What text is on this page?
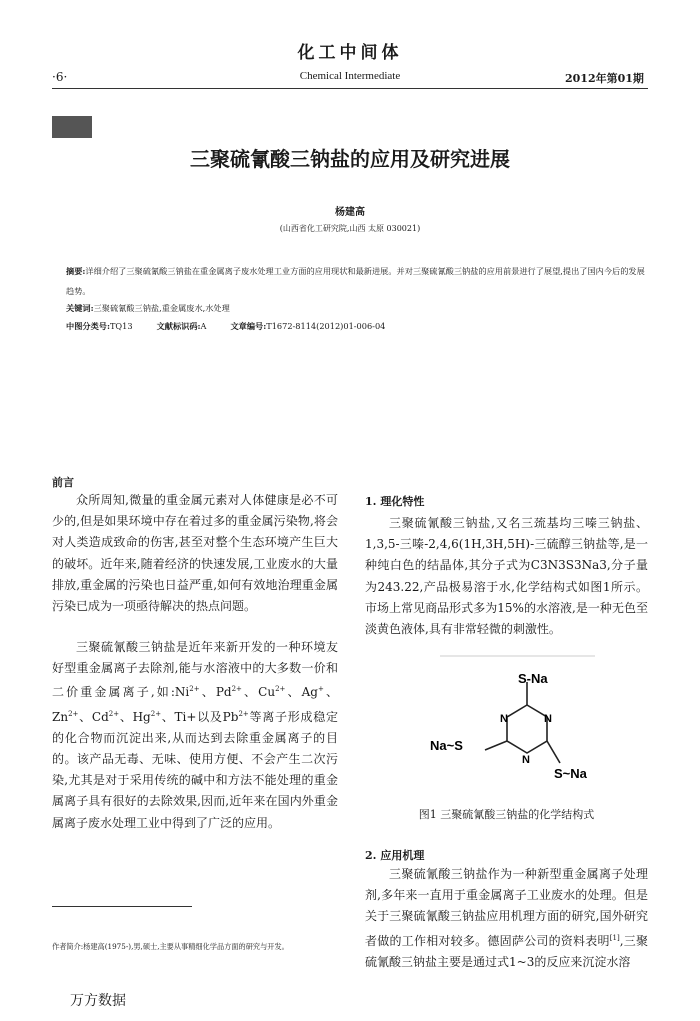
化工中间体
·6·	Chemical Intermediate	2012年第01期
三聚硫氰酸三钠盐的应用及研究进展
杨建高
(山西省化工研究院,山西 太原 030021)
摘要:详细介绍了三聚硫氰酸三钠盐在重金属离子废水处理工业方面的应用现状和最新进展。并对三聚硫氰酸三钠盐的应用前景进行了展望,提出了国内今后的发展趋势。
关键词:三聚硫氰酸三钠盐,重金属废水,水处理
中图分类号:TQ13	文献标识码:A	文章编号:T1672-8114(2012)01-006-04
前言
众所周知,微量的重金属元素对人体健康是必不可少的,但是如果环境中存在着过多的重金属污染物,将会对人类造成致命的伤害,甚至对整个生态环境产生巨大的破坏。近年来,随着经济的快速发展,工业废水的大量排放,重金属的污染也日益严重,如何有效地治理重金属污染已成为一项亟待解决的热点问题。
三聚硫氰酸三钠盐是近年来新开发的一种环境友好型重金属离子去除剂,能与水溶液中的大多数一价和二价重金属离子,如$:Ni^{2+}$、$Pd^{2+}$、$Cu^{2+}$、Ag+、$Zn^{2+}$、$Cd^{2+}$、$Hg^{2+}$、Ti+以及$Pb^{2+}$等离子形成稳定的化合物而沉淀出来,从而达到去除重金属离子的目的。该产品无毒、无味、使用方便、不会产生二次污染,尤其是对于采用传统的碱中和方法不能处理的重金属离子具有很好的去除效果,因而,近年来在国内外重金属离子废水处理工业中得到了广泛的应用。
1. 理化特性
三聚硫氰酸三钠盐,又名三巯基均三嗪三钠盐、1,3,5-三嗪-2,4,6(1H,3H,5H)-三硫醇三钠盐等,是一种纯白色的结晶体,其分子式为C3N3S3Na3,分子量为243.22,产品极易溶于水,化学结构式如图1所示。市场上常见商品形式多为15%的水溶液,是一种无色至淡黄色液体,具有非常轻微的刺激性。
S-Na
Na~S
S~Na
N	N
N
图1 三聚硫氰酸三钠盐的化学结构式
2. 应用机理
三聚硫氰酸三钠盐作为一种新型重金属离子处理剂,多年来一直用于重金属离子工业废水的处理。但是关于三聚硫氰酸三钠盐应用机理方面的研究,国外研究者做的工作相对较多。德固萨公司的资料表明[1],三聚硫氰酸三钠盐主要是通过式1~3的反应来沉淀水溶
作者简介:杨建高(1975-),男,硕士,主要从事精细化学品方面的研究与开发。
万方数据
